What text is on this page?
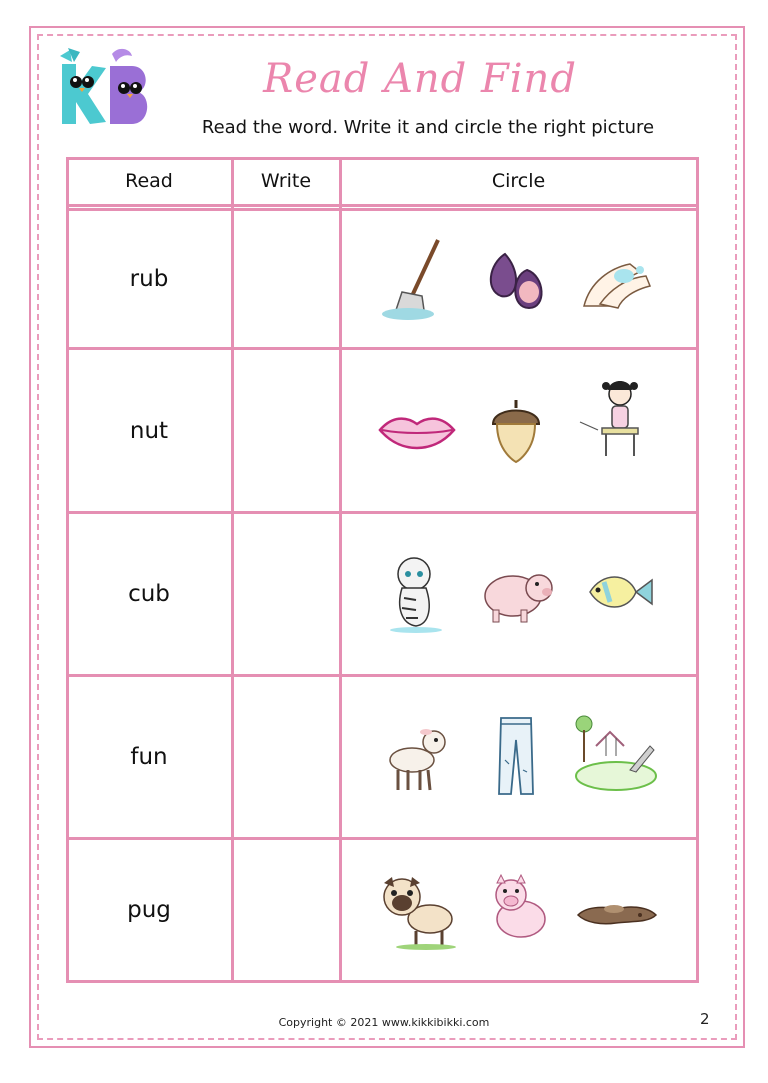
Read And Find
Read the word. Write it and circle the right picture
Read	Write	Circle
rub
nut
cub
fun
pug
Copyright © 2021 www.kikkibikki.com	2
